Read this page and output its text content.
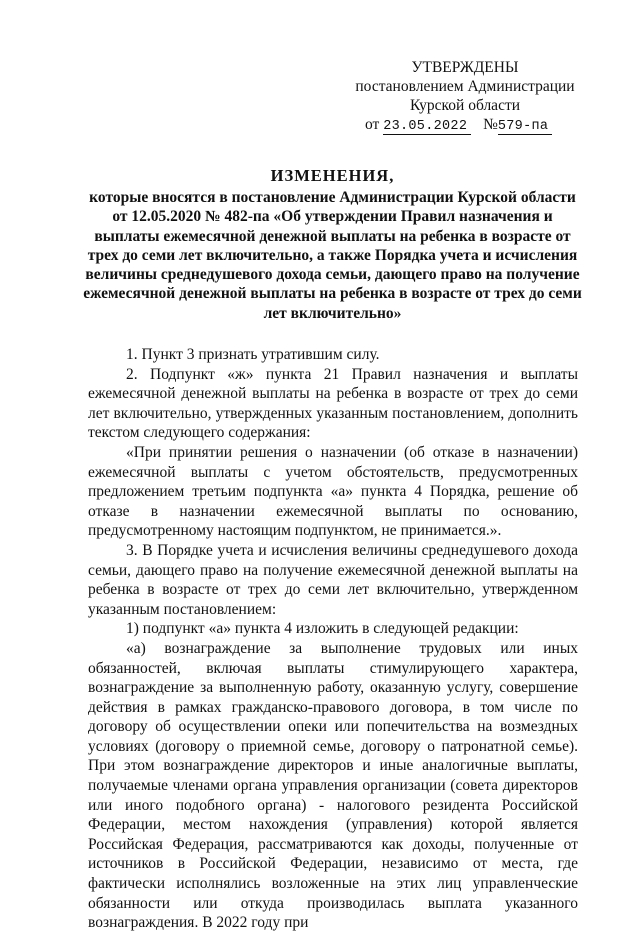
УТВЕРЖДЕНЫ
постановлением Администрации
Курской области
от 23.05.2022 №579-па
ИЗМЕНЕНИЯ,
которые вносятся в постановление Администрации Курской области от 12.05.2020 № 482-па «Об утверждении Правил назначения и выплаты ежемесячной денежной выплаты на ребенка в возрасте от трех до семи лет включительно, а также Порядка учета и исчисления величины среднедушевого дохода семьи, дающего право на получение ежемесячной денежной выплаты на ребенка в возрасте от трех до семи лет включительно»

1. Пункт 3 признать утратившим силу.

2. Подпункт «ж» пункта 21 Правил назначения и выплаты ежемесячной денежной выплаты на ребенка в возрасте от трех до семи лет включительно, утвержденных указанным постановлением, дополнить текстом следующего содержания:

«При принятии решения о назначении (об отказе в назначении) ежемесячной выплаты с учетом обстоятельств, предусмотренных предложением третьим подпункта «а» пункта 4 Порядка, решение об отказе в назначении ежемесячной выплаты по основанию, предусмотренному настоящим подпунктом, не принимается.».

3. В Порядке учета и исчисления величины среднедушевого дохода семьи, дающего право на получение ежемесячной денежной выплаты на ребенка в возрасте от трех до семи лет включительно, утвержденном указанным постановлением:

1) подпункт «а» пункта 4 изложить в следующей редакции:

«а) вознаграждение за выполнение трудовых или иных обязанностей, включая выплаты стимулирующего характера, вознаграждение за выполненную работу, оказанную услугу, совершение действия в рамках гражданско-правового договора, в том числе по договору об осуществлении опеки или попечительства на возмездных условиях (договору о приемной семье, договору о патронатной семье). При этом вознаграждение директоров и иные аналогичные выплаты, получаемые членами органа управления организации (совета директоров или иного подобного органа) - налогового резидента Российской Федерации, местом нахождения (управления) которой является Российская Федерация, рассматриваются как доходы, полученные от источников в Российской Федерации, независимо от места, где фактически исполнялись возложенные на этих лиц управленческие обязанности или откуда производилась выплата указанного вознаграждения. В 2022 году при
